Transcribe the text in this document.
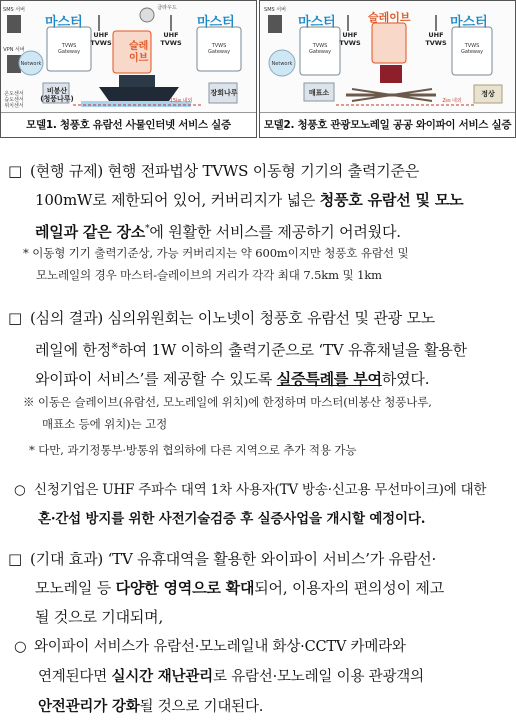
마스터	마스터
슬레
이브
UHF
TVWS
UHF
TVWS
TVWS
Gateway
TVWS
Gateway
SMS 서버
VPN 서버
Network
클라우드
온도센서
습도센서
위치센서
비봉산
(청풍나루)
장회나루
15㎞ 내외
모델1. 청풍호 유람선 사물인터넷 서비스 실증
마스터	마스터
슬레이브
UHF
TVWS
UHF
TVWS
TVWS
Gateway
TVWS
Gateway
SMS 서버
Network
매표소	정상
2㎞ 내외
모델2. 청풍호 관광모노레일 공공 와이파이 서비스 실증
□ (현행 규제) 현행 전파법상 TVWS 이동형 기기의 출력기준은
100mW로 제한되어 있어, 커버리지가 넓은 청풍호 유람선 및 모노
레일과 같은 장소*에 원활한 서비스를 제공하기 어려웠다.
* 이동형 기기 출력기준상, 가능 커버리지는 약 600m이지만 청풍호 유람선 및
모노레일의 경우 마스터-슬레이브의 거리가 각각 최대 7.5km 및 1km
□ (심의 결과) 심의위원회는 이노넷이 청풍호 유람선 및 관광 모노
레일에 한정※하여 1W 이하의 출력기준으로 ‘TV 유휴채널을 활용한
와이파이 서비스’를 제공할 수 있도록 실증특례를 부여하였다.
※ 이동은 슬레이브(유람선, 모노레일에 위치)에 한정하며 마스터(비봉산 청풍나루,
매표소 등에 위치)는 고정
* 다만, 과기정통부·방통위 협의하에 다른 지역으로 추가 적용 가능
○ 신청기업은 UHF 주파수 대역 1차 사용자(TV 방송·신고용 무선마이크)에 대한
혼·간섭 방지를 위한 사전기술검증 후 실증사업을 개시할 예정이다.
□ (기대 효과) ‘TV 유휴대역을 활용한 와이파이 서비스’가 유람선·
모노레일 등 다양한 영역으로 확대되어, 이용자의 편의성이 제고
될 것으로 기대되며,
○ 와이파이 서비스가 유람선·모노레일내 화상·CCTV 카메라와
연계된다면 실시간 재난관리로 유람선·모노레일 이용 관광객의
안전관리가 강화될 것으로 기대된다.
